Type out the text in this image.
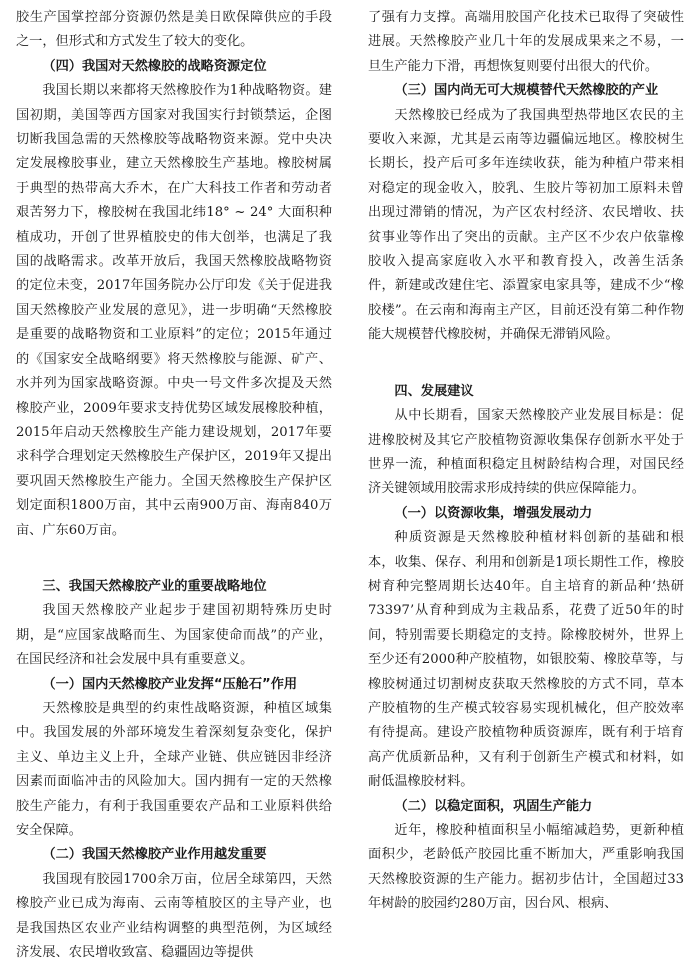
胶生产国掌控部分资源仍然是美日欧保障供应的手段之一，但形式和方式发生了较大的变化。

（四）我国对天然橡胶的战略资源定位

我国长期以来都将天然橡胶作为1种战略物资。建国初期，美国等西方国家对我国实行封锁禁运，企图切断我国急需的天然橡胶等战略物资来源。党中央决定发展橡胶事业，建立天然橡胶生产基地。橡胶树属于典型的热带高大乔木，在广大科技工作者和劳动者艰苦努力下，橡胶树在我国北纬18° ~ 24° 大面积种植成功，开创了世界植胶史的伟大创举，也满足了我国的战略需求。改革开放后，我国天然橡胶战略物资的定位未变，2017年国务院办公厅印发《关于促进我国天然橡胶产业发展的意见》，进一步明确“天然橡胶是重要的战略物资和工业原料”的定位；2015年通过的《国家安全战略纲要》将天然橡胶与能源、矿产、水并列为国家战略资源。中央一号文件多次提及天然橡胶产业，2009年要求支持优势区域发展橡胶种植，2015年启动天然橡胶生产能力建设规划，2017年要求科学合理划定天然橡胶生产保护区，2019年又提出要巩固天然橡胶生产能力。全国天然橡胶生产保护区划定面积1800万亩，其中云南900万亩、海南840万亩、广东60万亩。

三、我国天然橡胶产业的重要战略地位

我国天然橡胶产业起步于建国初期特殊历史时期，是“应国家战略而生、为国家使命而战”的产业，在国民经济和社会发展中具有重要意义。

（一）国内天然橡胶产业发挥“压舱石”作用

天然橡胶是典型的约束性战略资源，种植区域集中。我国发展的外部环境发生着深刻复杂变化，保护主义、单边主义上升，全球产业链、供应链因非经济因素而面临冲击的风险加大。国内拥有一定的天然橡胶生产能力，有利于我国重要农产品和工业原料供给安全保障。

（二）我国天然橡胶产业作用越发重要

我国现有胶园1700余万亩，位居全球第四，天然橡胶产业已成为海南、云南等植胶区的主导产业，也是我国热区农业产业结构调整的典型范例，为区域经济发展、农民增收致富、稳疆固边等提供

了强有力支撑。高端用胶国产化技术已取得了突破性进展。天然橡胶产业几十年的发展成果来之不易，一旦生产能力下滑，再想恢复则要付出很大的代价。

（三）国内尚无可大规模替代天然橡胶的产业

天然橡胶已经成为了我国典型热带地区农民的主要收入来源，尤其是云南等边疆偏远地区。橡胶树生长期长，投产后可多年连续收获，能为种植户带来相对稳定的现金收入，胶乳、生胶片等初加工原料未曾出现过滞销的情况，为产区农村经济、农民增收、扶贫事业等作出了突出的贡献。主产区不少农户依靠橡胶收入提高家庭收入水平和教育投入，改善生活条件，新建或改建住宅、添置家电家具等，建成不少“橡胶楼”。在云南和海南主产区，目前还没有第二种作物能大规模替代橡胶树，并确保无滞销风险。

四、发展建议

从中长期看，国家天然橡胶产业发展目标是：促进橡胶树及其它产胶植物资源收集保存创新水平处于世界一流，种植面积稳定且树龄结构合理，对国民经济关键领域用胶需求形成持续的供应保障能力。

（一）以资源收集，增强发展动力

种质资源是天然橡胶种植材料创新的基础和根本，收集、保存、利用和创新是1项长期性工作，橡胶树育种完整周期长达40年。自主培育的新品种‘热研73397’从育种到成为主栽品系，花费了近50年的时间，特别需要长期稳定的支持。除橡胶树外，世界上至少还有2000种产胶植物，如银胶菊、橡胶草等，与橡胶树通过切割树皮获取天然橡胶的方式不同，草本产胶植物的生产模式较容易实现机械化，但产胶效率有待提高。建设产胶植物种质资源库，既有利于培育高产优质新品种，又有利于创新生产模式和材料，如耐低温橡胶材料。

（二）以稳定面积，巩固生产能力

近年，橡胶种植面积呈小幅缩减趋势，更新种植面积少，老龄低产胶园比重不断加大，严重影响我国天然橡胶资源的生产能力。据初步估计，全国超过33年树龄的胶园约280万亩，因台风、根病、
